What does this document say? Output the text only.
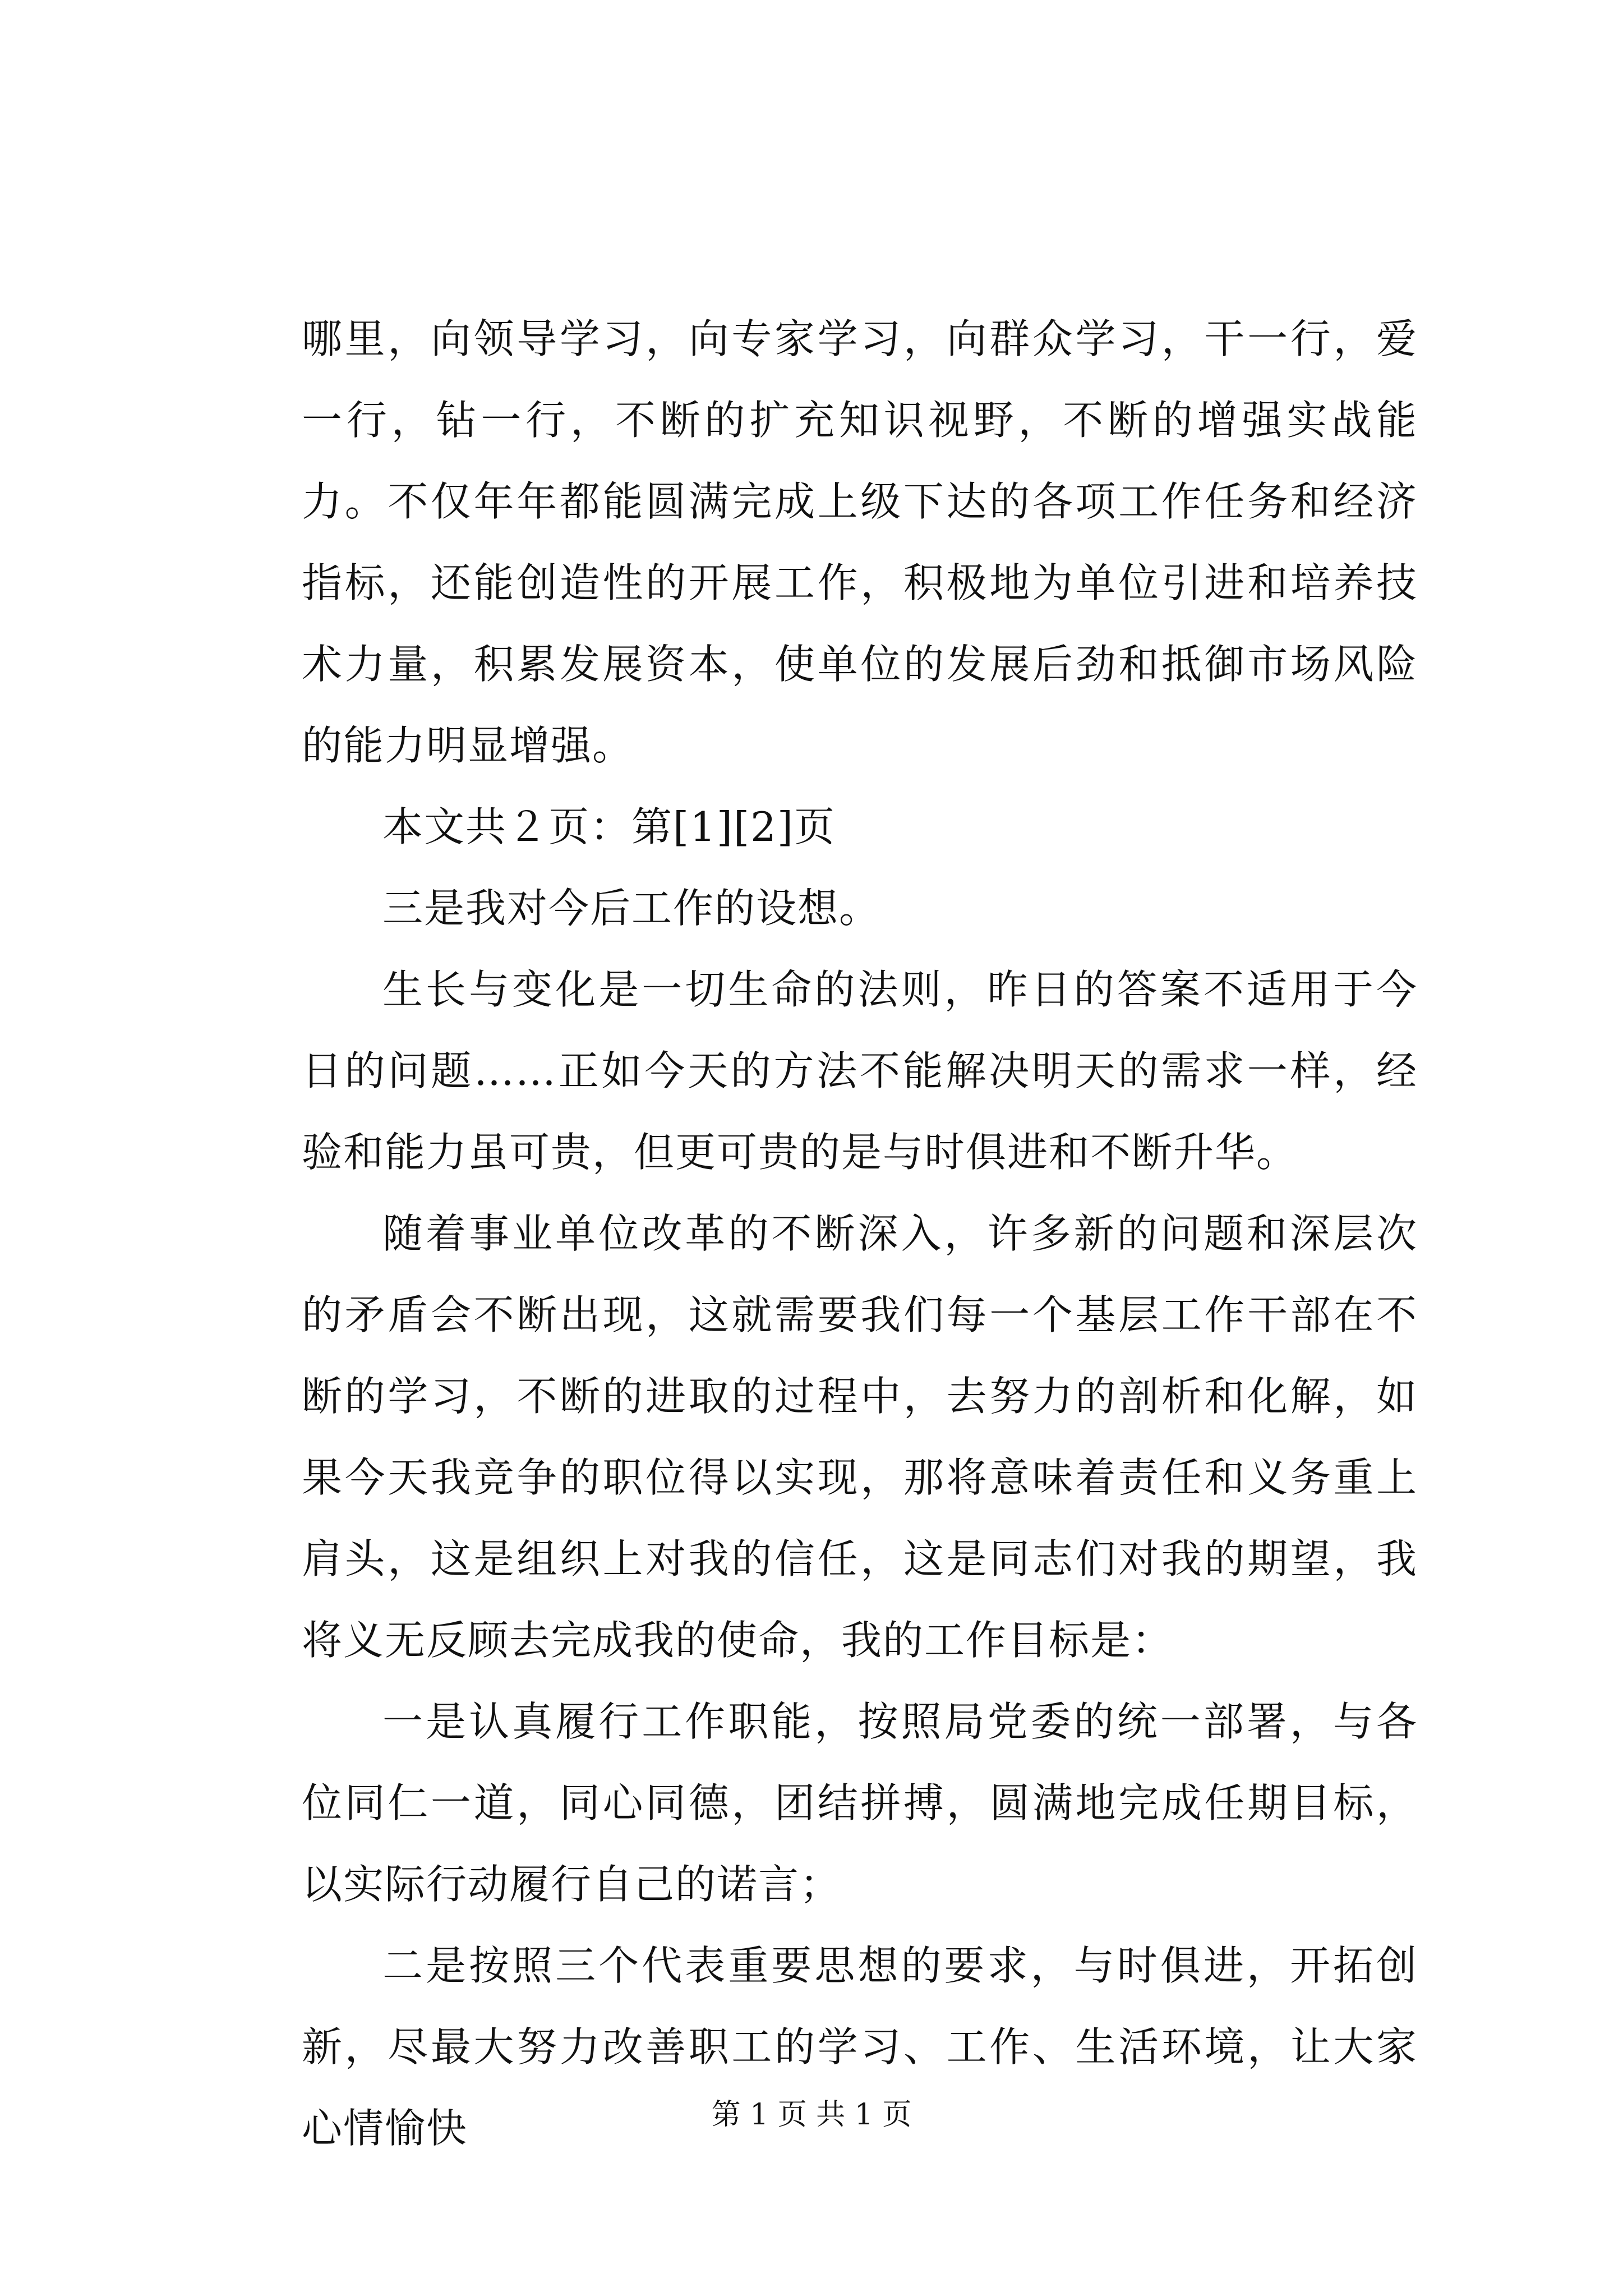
哪里，向领导学习，向专家学习，向群众学习，干一行，爱一行，钻一行，不断的扩充知识视野，不断的增强实战能力。不仅年年都能圆满完成上级下达的各项工作任务和经济指标，还能创造性的开展工作，积极地为单位引进和培养技术力量，积累发展资本，使单位的发展后劲和抵御市场风险的能力明显增强。

本文共２页：第[1][2]页

三是我对今后工作的设想。

生长与变化是一切生命的法则，昨日的答案不适用于今日的问题……正如今天的方法不能解决明天的需求一样，经验和能力虽可贵，但更可贵的是与时俱进和不断升华。

随着事业单位改革的不断深入，许多新的问题和深层次的矛盾会不断出现，这就需要我们每一个基层工作干部在不断的学习，不断的进取的过程中，去努力的剖析和化解，如果今天我竞争的职位得以实现，那将意味着责任和义务重上肩头，这是组织上对我的信任，这是同志们对我的期望，我将义无反顾去完成我的使命，我的工作目标是：

一是认真履行工作职能，按照局党委的统一部署，与各位同仁一道，同心同德，团结拼搏，圆满地完成任期目标，以实际行动履行自己的诺言；

二是按照三个代表重要思想的要求，与时俱进，开拓创新，尽最大努力改善职工的学习、工作、生活环境，让大家心情愉快	第 1 页 共 1 页
